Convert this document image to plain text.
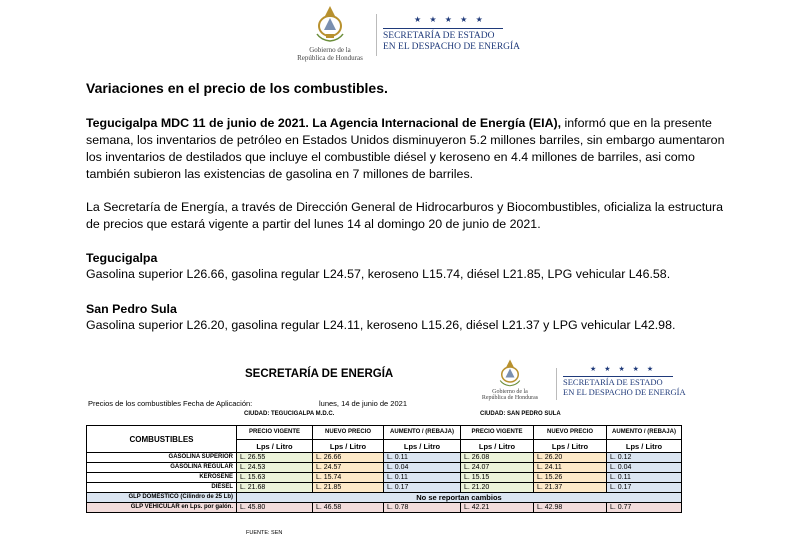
Gobierno de la
República de Honduras
★ ★ ★ ★ ★
SECRETARÍA DE ESTADO
EN EL DESPACHO DE ENERGÍA
Variaciones en el precio de los combustibles.
Tegucigalpa MDC 11 de junio de 2021. La Agencia Internacional de Energía (EIA), informó que en la presente semana, los inventarios de petróleo en Estados Unidos disminuyeron 5.2 millones barriles, sin embargo aumentaron los inventarios de destilados que incluye el combustible diésel y keroseno en 4.4 millones de barriles, asi como también subieron las existencias de gasolina en 7 millones de barriles.
La Secretaría de Energía, a través de Dirección General de Hidrocarburos y Biocombustibles, oficializa la estructura de precios que estará vigente a partir del lunes 14 al domingo 20 de junio de 2021.
Tegucigalpa
Gasolina superior L26.66, gasolina regular L24.57, keroseno L15.74, diésel L21.85, LPG vehicular L46.58.
San Pedro Sula
Gasolina superior L26.20, gasolina regular L24.11, keroseno L15.26, diésel L21.37 y LPG vehicular L42.98.
SECRETARÍA DE ENERGÍA
Precios de los combustibles Fecha de Aplicación:	lunes, 14 de junio de 2021
Gobierno de la
República de Honduras
★ ★ ★ ★ ★
SECRETARÍA DE ESTADO
EN EL DESPACHO DE ENERGÍA
CIUDAD: TEGUCIGALPA M.D.C.	CIUDAD: SAN PEDRO SULA
COMBUSTIBLES	PRECIO VIGENTE	NUEVO PRECIO	AUMENTO / (REBAJA)	PRECIO VIGENTE	NUEVO PRECIO	AUMENTO / (REBAJA)
	Lps / Litro	Lps / Litro	Lps / Litro	Lps / Litro	Lps / Litro	Lps / Litro
GASOLINA SUPERIOR	L. 26.55	L. 26.66	L. 0.11	L. 26.08	L. 26.20	L. 0.12
GASOLINA REGULAR	L. 24.53	L. 24.57	L. 0.04	L. 24.07	L. 24.11	L. 0.04
KEROSENE	L. 15.63	L. 15.74	L. 0.11	L. 15.15	L. 15.26	L. 0.11
DIÉSEL	L. 21.68	L. 21.85	L. 0.17	L. 21.20	L. 21.37	L. 0.17
GLP DOMÉSTICO (Cilindro de 25 Lb)	No se reportan cambios					
GLP VEHICULAR en Lps. por galón.	L. 45.80	L. 46.58	L. 0.78	L. 42.21	L. 42.98	L. 0.77
FUENTE: SEN
